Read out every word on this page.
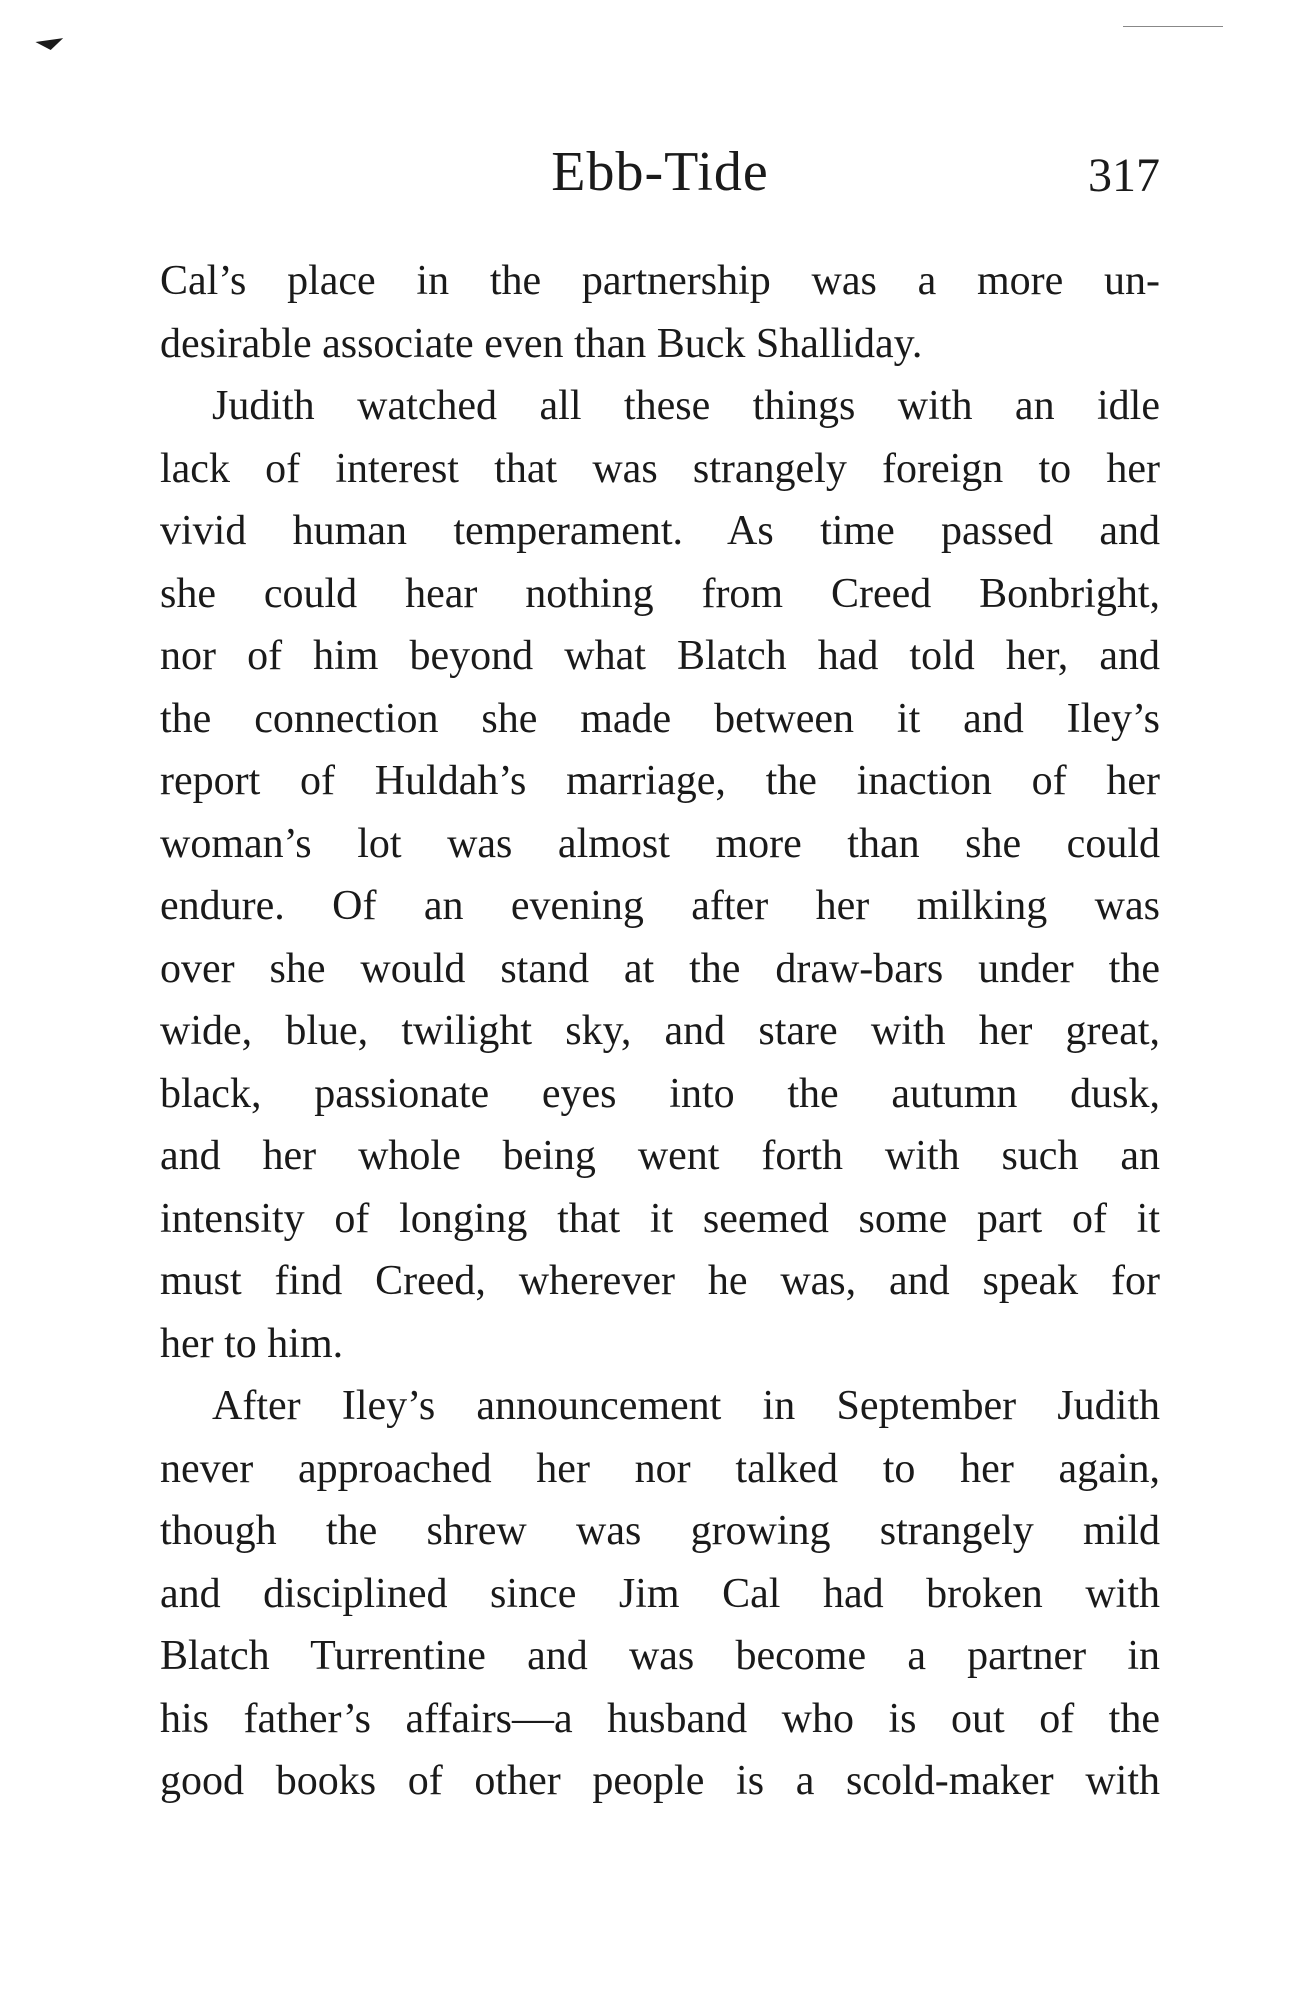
Ebb-Tide	317

Cal’s place in the partnership was a more un-
desirable associate even than Buck Shalliday.

Judith watched all these things with an idle
lack of interest that was strangely foreign to her
vivid human temperament. As time passed and
she could hear nothing from Creed Bonbright,
nor of him beyond what Blatch had told her, and
the connection she made between it and Iley’s
report of Huldah’s marriage, the inaction of her
woman’s lot was almost more than she could
endure. Of an evening after her milking was
over she would stand at the draw-bars under the
wide, blue, twilight sky, and stare with her great,
black, passionate eyes into the autumn dusk,
and her whole being went forth with such an
intensity of longing that it seemed some part of it
must find Creed, wherever he was, and speak for
her to him.

After Iley’s announcement in September Judith
never approached her nor talked to her again,
though the shrew was growing strangely mild
and disciplined since Jim Cal had broken with
Blatch Turrentine and was become a partner in
his father’s affairs—a husband who is out of the
good books of other people is a scold-maker with
